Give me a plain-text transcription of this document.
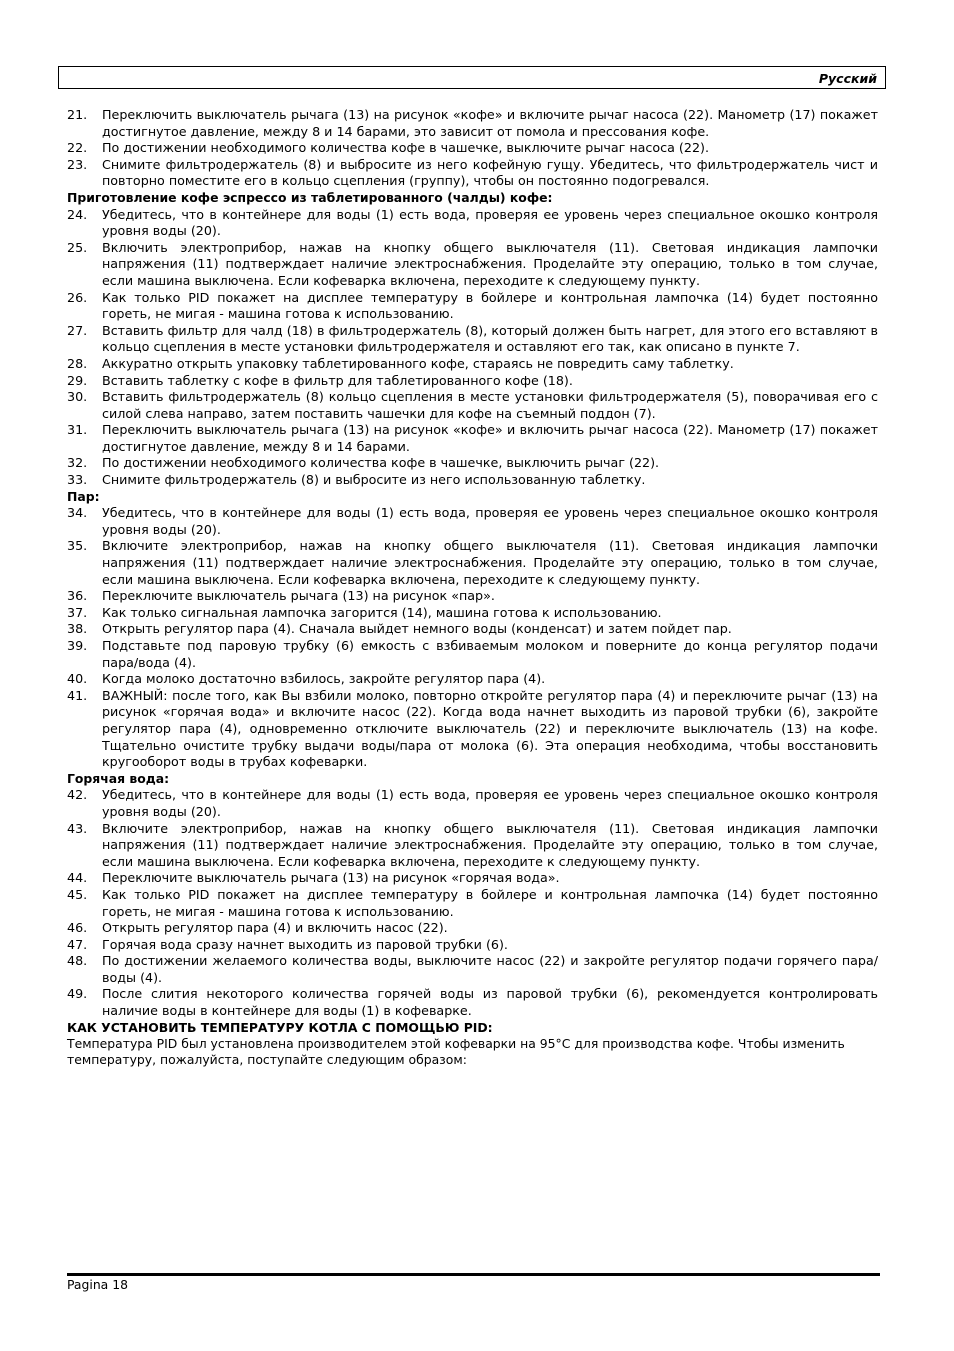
Русский
21. Переключить выключатель рычага (13) на рисунок «кофе» и включите рычаг насоса (22). Манометр (17) покажет достигнутое давление, между 8 и 14 барами, это зависит от помола и прессования кофе.
22. По достижении необходимого количества кофе в чашечке, выключите рычаг насоса (22).
23. Снимите фильтродержатель (8) и выбросите из него кофейную гущу. Убедитесь, что фильтродержатель чист и повторно поместите его в кольцо сцепления (группу), чтобы он постоянно подогревался.
Приготовление кофе эспрессо из таблетированного (чалды) кофе:
24. Убедитесь, что в контейнере для воды (1) есть вода, проверяя ее уровень через специальное окошко контроля уровня воды (20).
25. Включить электроприбор, нажав на кнопку общего выключателя (11). Световая индикация лампочки напряжения (11) подтверждает наличие электроснабжения. Проделайте эту операцию, только в том случае, если машина выключена. Если кофеварка включена, переходите к следующему пункту.
26. Как только PID покажет на дисплее температуру в бойлере и контрольная лампочка (14) будет постоянно гореть, не мигая - машина готова к использованию.
27. Вставить фильтр для чалд (18) в фильтродержатель (8), который должен быть нагрет, для этого его вставляют в кольцо сцепления в месте установки фильтродержателя и оставляют его так, как описано в пункте 7.
28. Аккуратно открыть упаковку таблетированного кофе, стараясь не повредить саму таблетку.
29. Вставить таблетку с кофе в фильтр для таблетированного кофе (18).
30. Вставить фильтродержатель (8) кольцо сцепления в месте установки фильтродержателя (5), поворачивая его с силой слева направо, затем поставить чашечки для кофе на съемный поддон (7).
31. Переключить выключатель рычага (13) на рисунок «кофе» и включить рычаг насоса (22). Манометр (17) покажет достигнутое давление, между 8 и 14 барами.
32. По достижении необходимого количества кофе в чашечке, выключить рычаг (22).
33. Снимите фильтродержатель (8) и выбросите из него использованную таблетку.
Пар:
34. Убедитесь, что в контейнере для воды (1) есть вода, проверяя ее уровень через специальное окошко контроля уровня воды (20).
35. Включите электроприбор, нажав на кнопку общего выключателя (11). Световая индикация лампочки напряжения (11) подтверждает наличие электроснабжения. Проделайте эту операцию, только в том случае, если машина выключена. Если кофеварка включена, переходите к следующему пункту.
36. Переключите выключатель рычага (13) на рисунок «пар».
37. Как только сигнальная лампочка загорится (14), машина готова к использованию.
38. Открыть регулятор пара (4). Сначала выйдет немного воды (конденсат) и затем пойдет пар.
39. Подставьте под паровую трубку (6) емкость с взбиваемым молоком и поверните до конца регулятор подачи пара/вода (4).
40. Когда молоко достаточно взбилось, закройте регулятор пара (4).
41. ВАЖНЫЙ: после того, как Вы взбили молоко, повторно откройте регулятор пара (4) и переключите рычаг (13) на рисунок «горячая вода» и включите насос (22). Когда вода начнет выходить из паровой трубки (6), закройте регулятор пара (4), одновременно отключите выключатель (22) и переключите выключатель (13) на кофе. Тщательно очистите трубку выдачи воды/пара от молока (6). Эта операция необходима, чтобы восстановить кругооборот воды в трубах кофеварки.
Горячая вода:
42. Убедитесь, что в контейнере для воды (1) есть вода, проверяя ее уровень через специальное окошко контроля уровня воды (20).
43. Включите электроприбор, нажав на кнопку общего выключателя (11). Световая индикация лампочки напряжения (11) подтверждает наличие электроснабжения. Проделайте эту операцию, только в том случае, если машина выключена. Если кофеварка включена, переходите к следующему пункту.
44. Переключите выключатель рычага (13) на рисунок «горячая вода».
45. Как только PID покажет на дисплее температуру в бойлере и контрольная лампочка (14) будет постоянно гореть, не мигая - машина готова к использованию.
46. Открыть регулятор пара (4) и включить насос (22).
47. Горячая вода сразу начнет выходить из паровой трубки (6).
48. По достижении желаемого количества воды, выключите насос (22) и закройте регулятор подачи горячего пара/воды (4).
49. После слития некоторого количества горячей воды из паровой трубки (6), рекомендуется контролировать наличие воды в контейнере для воды (1) в кофеварке.
КАК УСТАНОВИТЬ ТЕМПЕРАТУРУ КОТЛА С ПОМОЩЬЮ PID:

Температура PID был установлена производителем этой кофеварки на 95°С для производства кофе. Чтобы изменить температуру, пожалуйста, поступайте следующим образом:

Pagina 18
